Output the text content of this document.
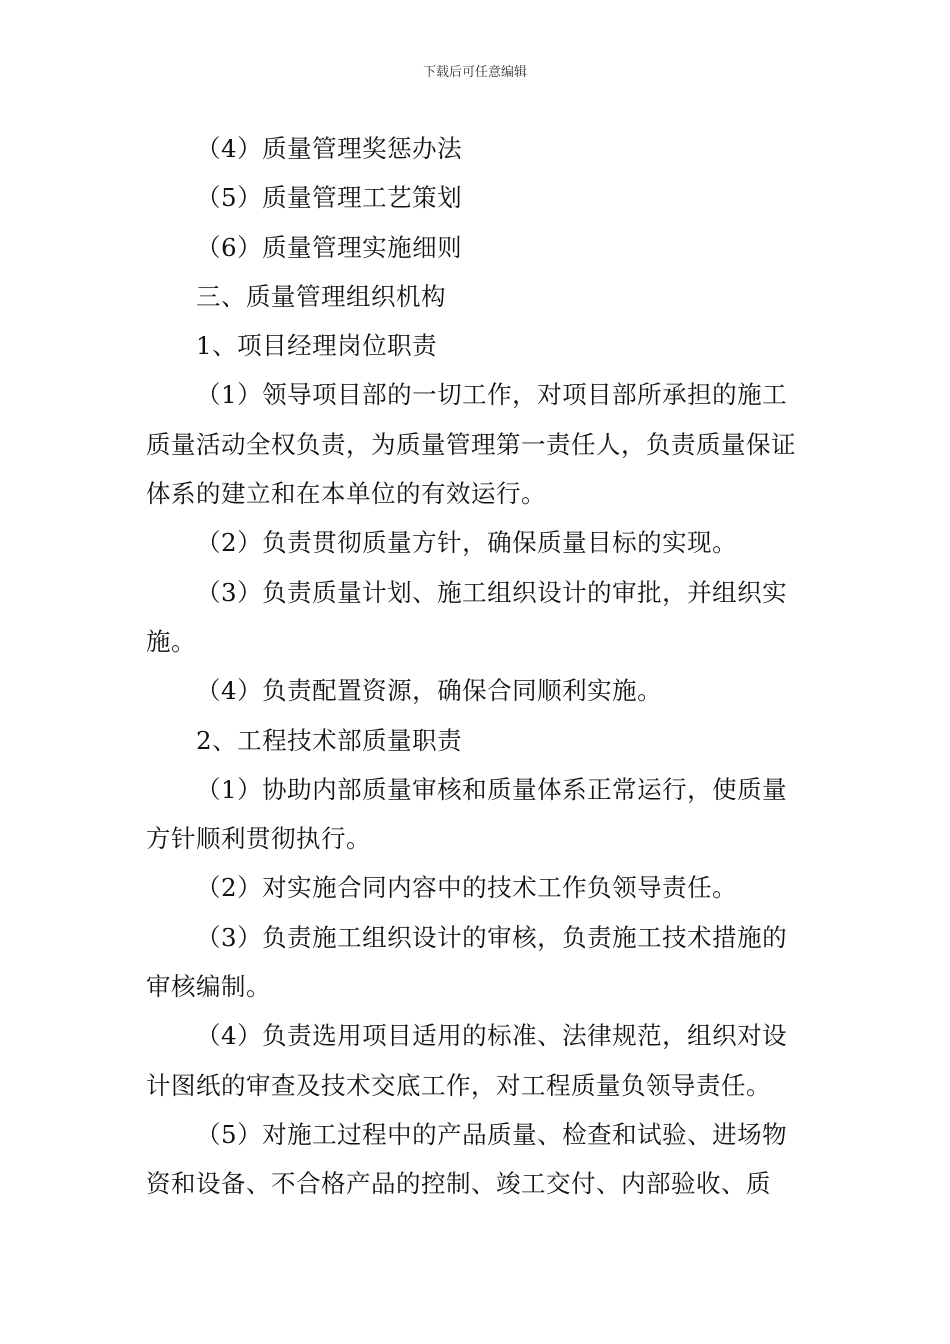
下载后可任意编辑

（4）质量管理奖惩办法

（5）质量管理工艺策划

（6）质量管理实施细则

三、质量管理组织机构

1、项目经理岗位职责

（1）领导项目部的一切工作，对项目部所承担的施工质量活动全权负责，为质量管理第一责任人，负责质量保证体系的建立和在本单位的有效运行。

（2）负责贯彻质量方针，确保质量目标的实现。

（3）负责质量计划、施工组织设计的审批，并组织实施。

（4）负责配置资源，确保合同顺利实施。

2、工程技术部质量职责

（1）协助内部质量审核和质量体系正常运行，使质量方针顺利贯彻执行。

（2）对实施合同内容中的技术工作负领导责任。

（3）负责施工组织设计的审核，负责施工技术措施的审核编制。

（4）负责选用项目适用的标准、法律规范，组织对设计图纸的审查及技术交底工作，对工程质量负领导责任。

（5）对施工过程中的产品质量、检查和试验、进场物资和设备、不合格产品的控制、竣工交付、内部验收、质
